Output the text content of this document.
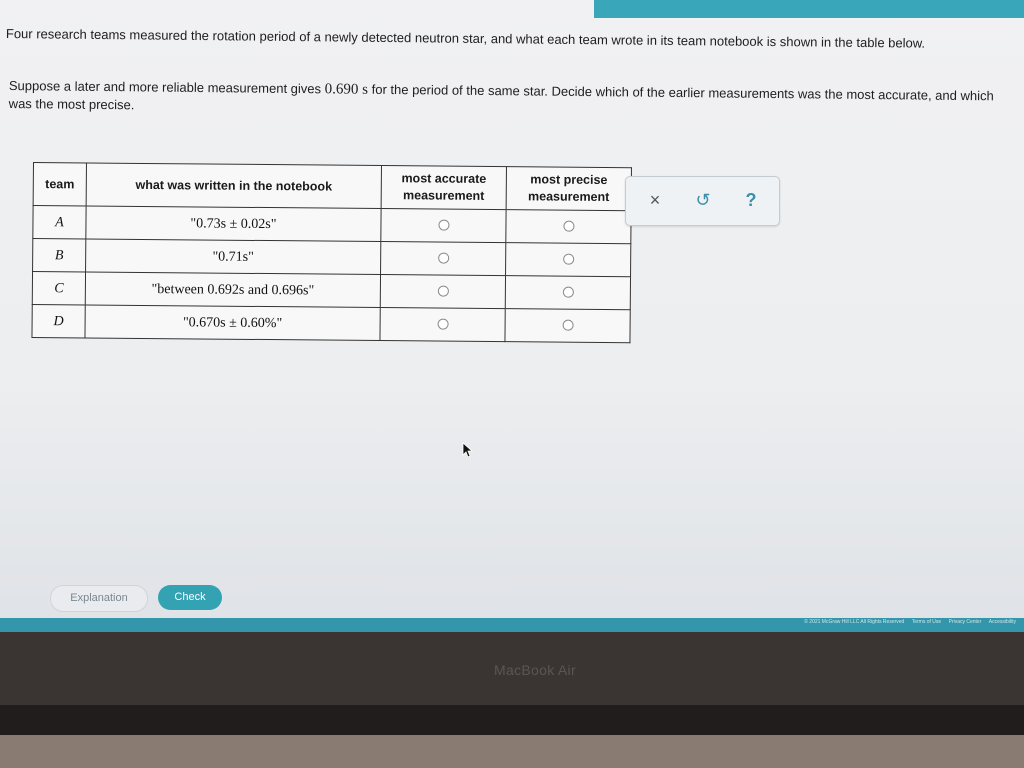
Four research teams measured the rotation period of a newly detected neutron star, and what each team wrote in its team notebook is shown in the table below.
Suppose a later and more reliable measurement gives 0.690 s for the period of the same star. Decide which of the earlier measurements was the most accurate, and which was the most precise.
team	what was written in the notebook	most accurate measurement	most precise measurement
A	"0.73s ± 0.02s"		
B	"0.71s"		
C	"between 0.692s and 0.696s"		
D	"0.670s ± 0.60%"		
×	↺	?
Explanation	Check
© 2021 McGraw Hill LLC All Rights Reserved Terms of Use Privacy Center Accessibility
MacBook Air
